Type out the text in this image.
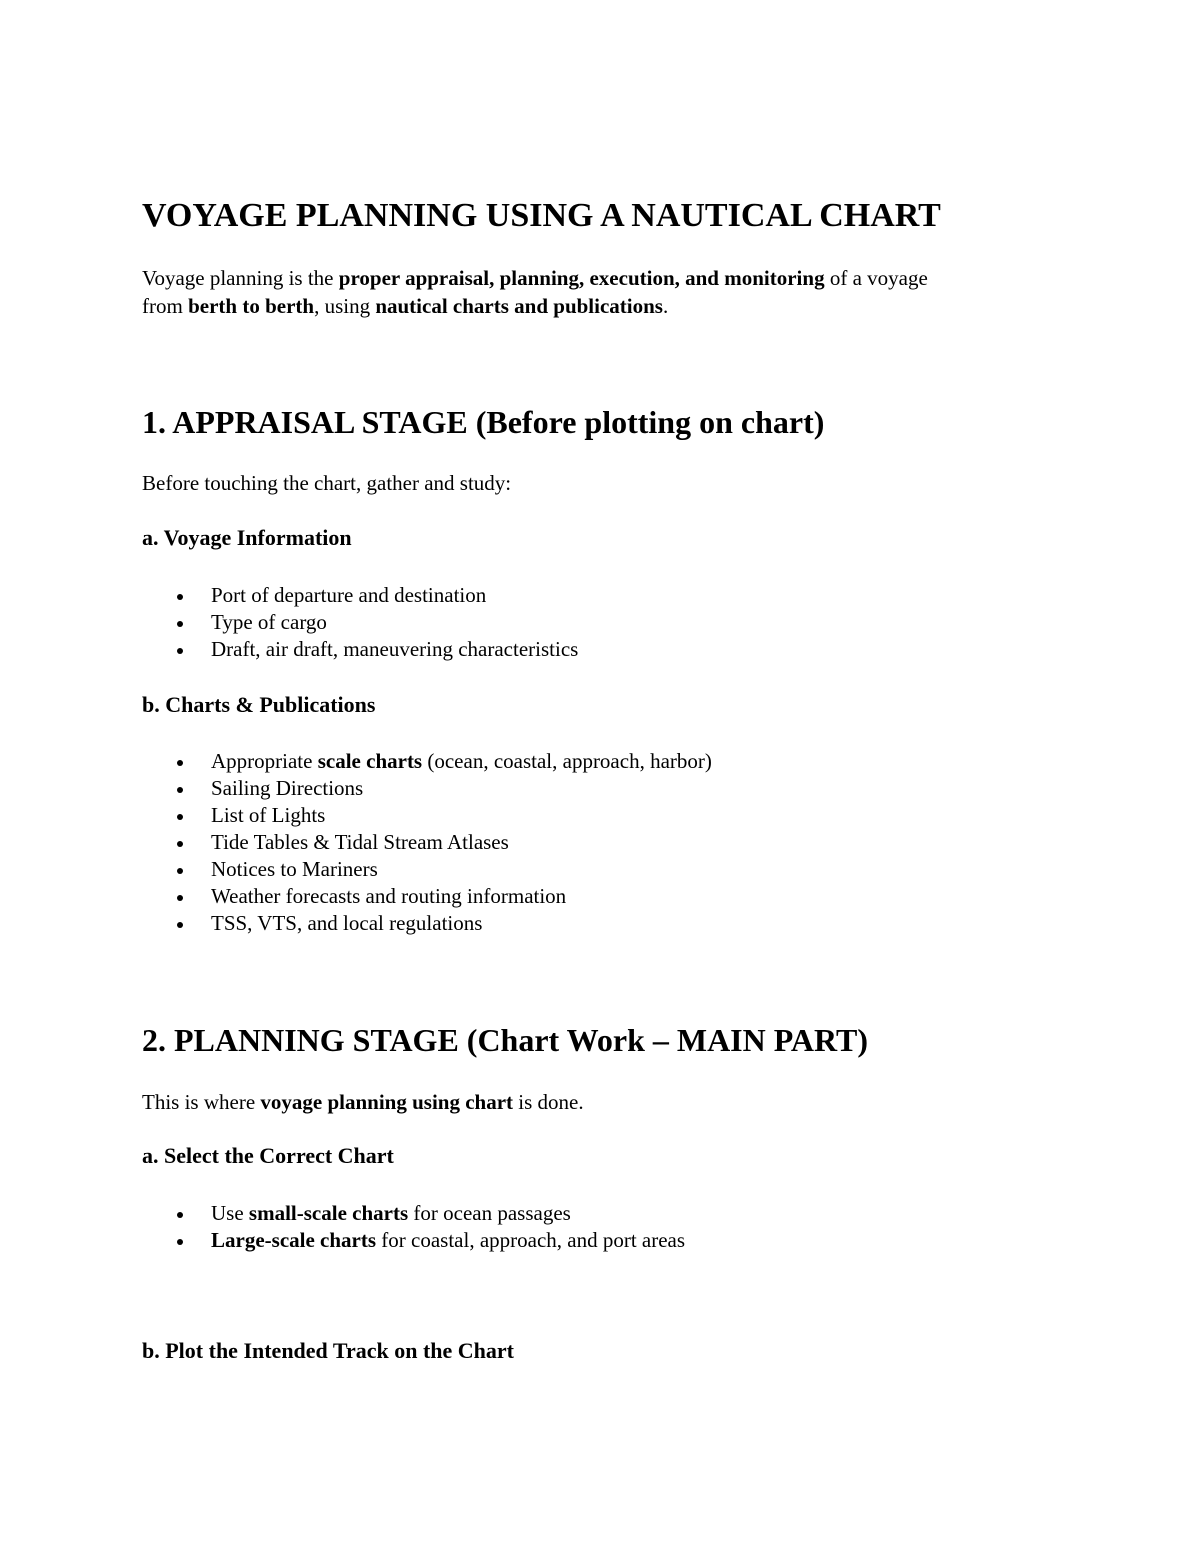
VOYAGE PLANNING USING A NAUTICAL CHART

Voyage planning is the proper appraisal, planning, execution, and monitoring of a voyage

from berth to berth, using nautical charts and publications.

1. APPRAISAL STAGE (Before plotting on chart)

Before touching the chart, gather and study:

a. Voyage Information
Port of departure and destination
Type of cargo
Draft, air draft, maneuvering characteristics
b. Charts & Publications
Appropriate scale charts (ocean, coastal, approach, harbor)
Sailing Directions
List of Lights
Tide Tables & Tidal Stream Atlases
Notices to Mariners
Weather forecasts and routing information
TSS, VTS, and local regulations
2. PLANNING STAGE (Chart Work – MAIN PART)

This is where voyage planning using chart is done.

a. Select the Correct Chart
Use small-scale charts for ocean passages
Large-scale charts for coastal, approach, and port areas
b. Plot the Intended Track on the Chart
